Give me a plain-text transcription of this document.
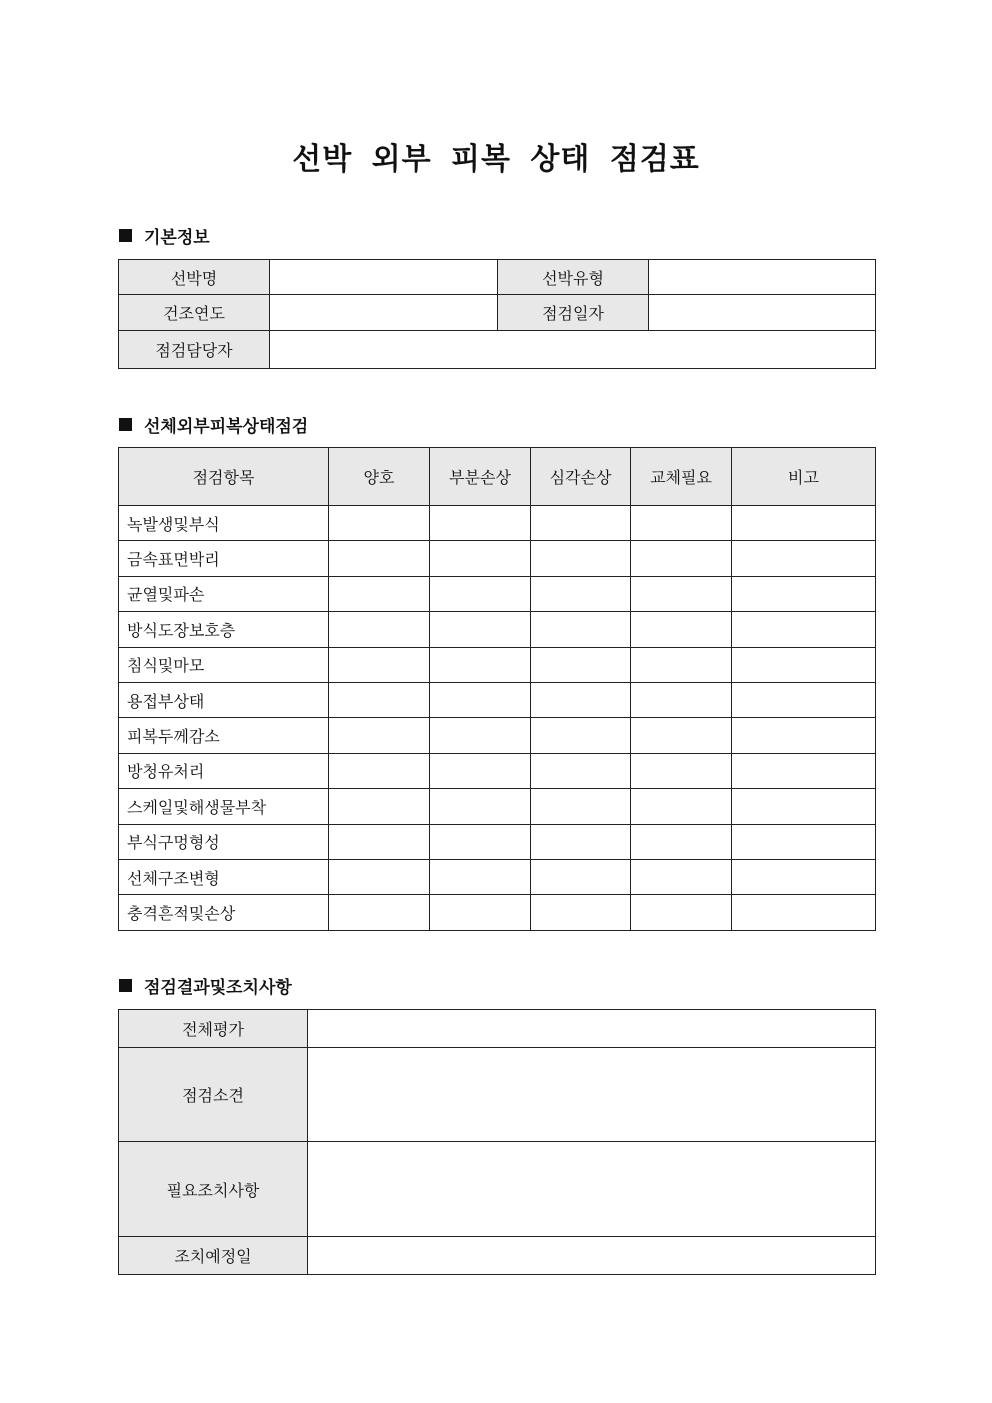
선박 외부 피복 상태 점검표
기본정보
선박명		선박유형	
건조연도		점검일자	
점검담당자			
선체외부피복상태점검
점검항목	양호	부분손상	심각손상	교체필요	비고
녹발생및부식					
금속표면박리					
균열및파손					
방식도장보호층					
침식및마모					
용접부상태					
피복두께감소					
방청유처리					
스케일및해생물부착					
부식구멍형성					
선체구조변형					
충격흔적및손상					
점검결과및조치사항
전체평가	
점검소견	
필요조치사항	
조치예정일	
